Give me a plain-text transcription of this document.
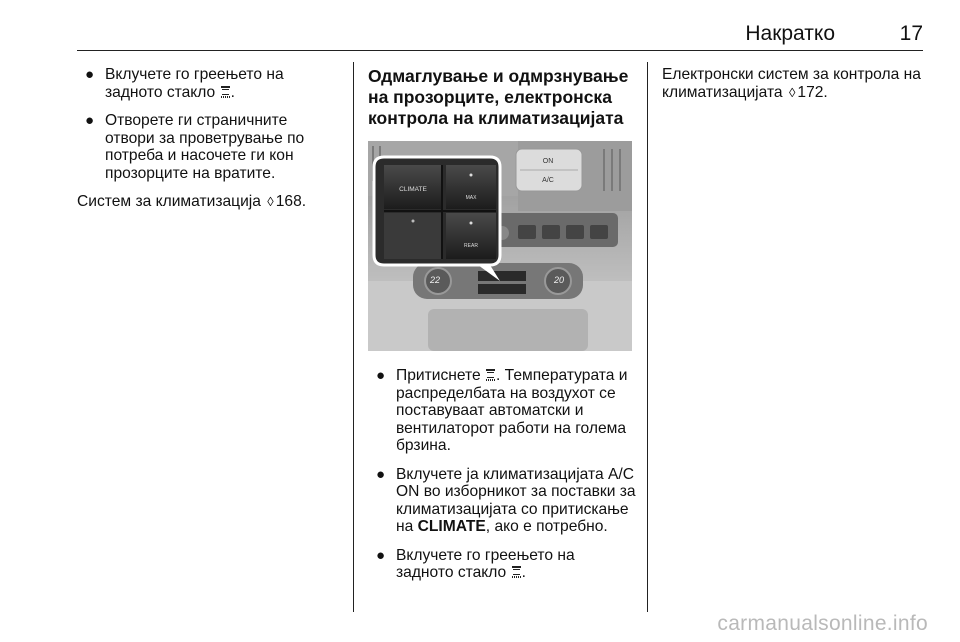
Накратко	17
● Вклучете го греењето на задното стакло .
● Отворете ги страничните отвори за проветрување по потреба и насочете ги кон прозорците на вратите.

Систем за климатизација ◊ 168.

Одмаглување и одмрзнување на прозорците, електронска контрола на климатизацијата
22	20
ON
A/C
CLIMATE
MAX
REAR
● Притиснете . Температурата и распределбата на воздухот се поставуваат автоматски и вентилаторот работи на голема брзина.
● Вклучете ја климатизацијата A/C ON во изборникот за поставки за климатизацијата со притискање на CLIMATE, ако е потребно.
● Вклучете го греењето на задното стакло .

Електронски систем за контрола на климатизацијата ◊ 172.

carmanualsonline.info
